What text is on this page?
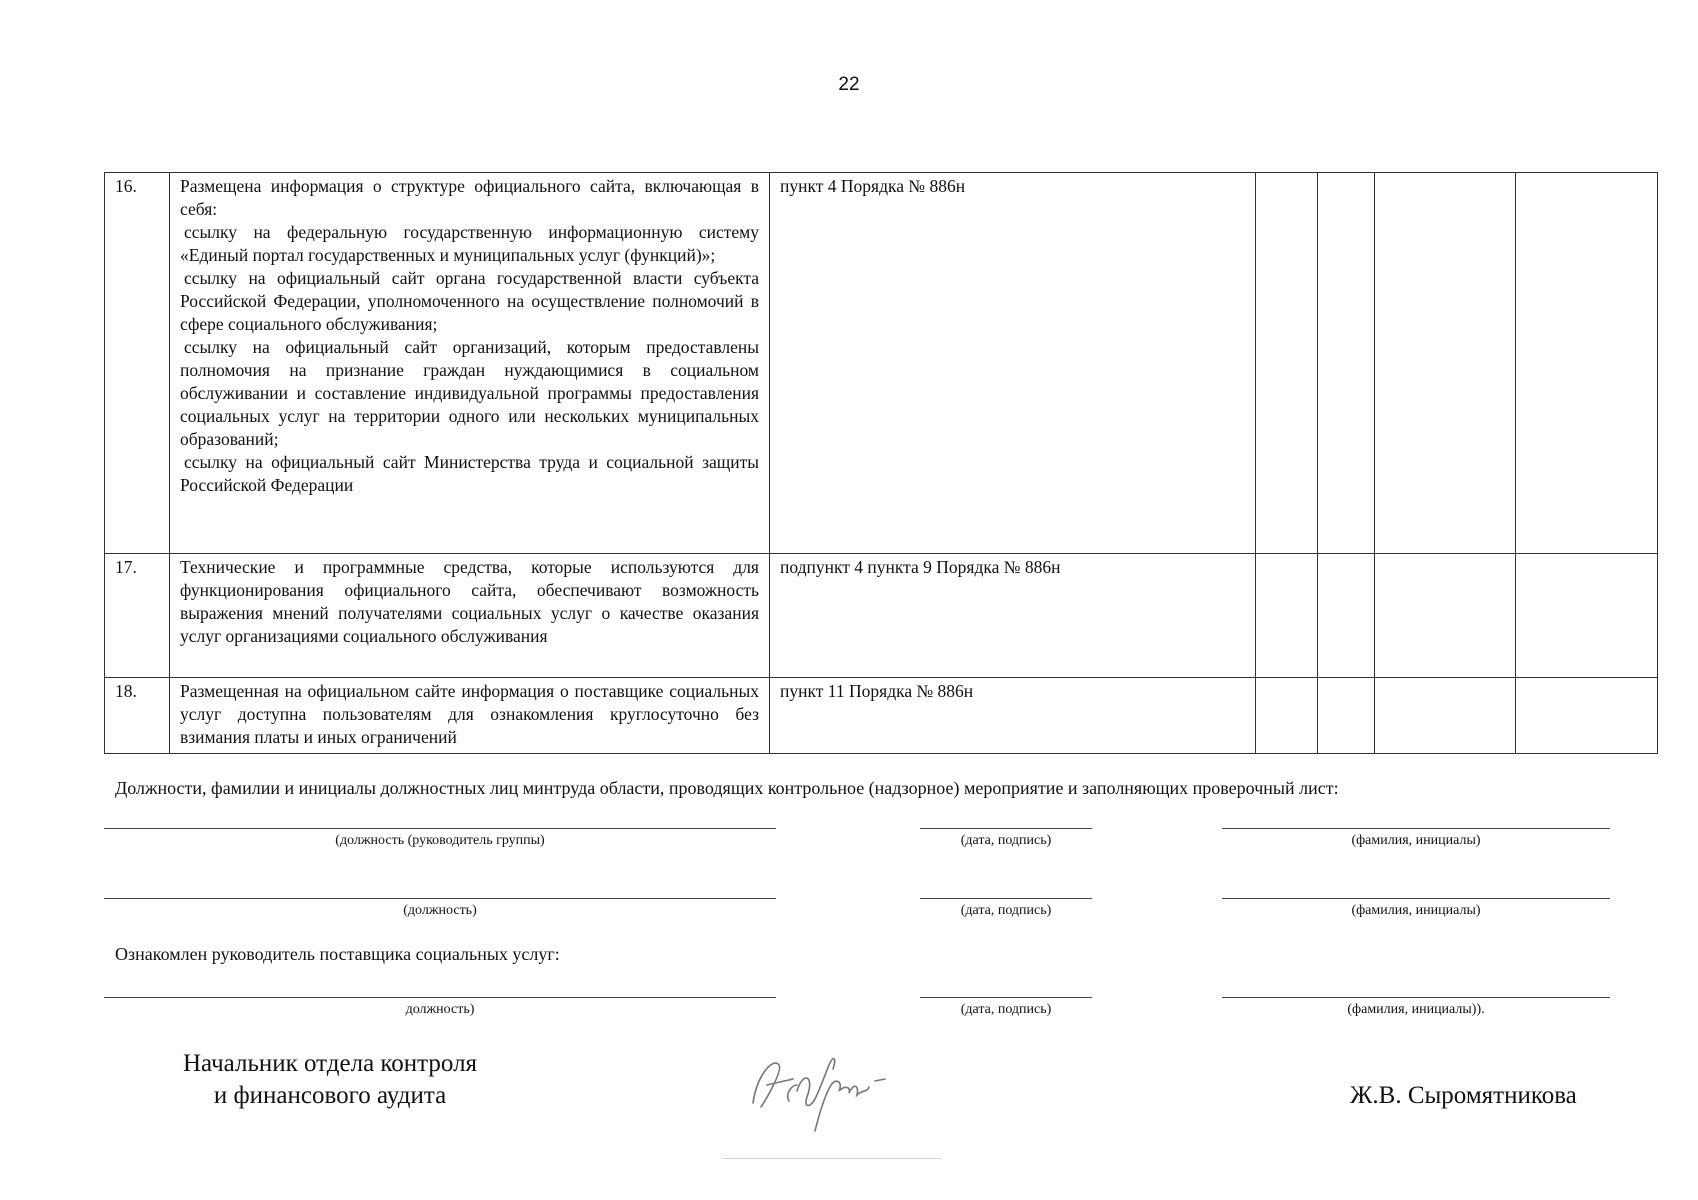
22
16.	Размещена информация о структуре официального сайта, включающая в себя:
ссылку на федеральную государственную информационную систему «Единый портал государственных и муниципальных услуг (функций)»;
ссылку на официальный сайт органа государственной власти субъекта Российской Федерации, уполномоченного на осуществление полномочий в сфере социального обслуживания;
ссылку на официальный сайт организаций, которым предоставлены полномочия на признание граждан нуждающимися в социальном обслуживании и составление индивидуальной программы предоставления социальных услуг на территории одного или нескольких муниципальных образований;
ссылку на официальный сайт Министерства труда и социальной защиты Российской Федерации	пункт 4 Порядка № 886н				
17.	Технические и программные средства, которые используются для функционирования официального сайта, обеспечивают возможность выражения мнений получателями социальных услуг о качестве оказания услуг организациями социального обслуживания	подпункт 4 пункта 9 Порядка № 886н				
18.	Размещенная на официальном сайте информация о поставщике социальных услуг доступна пользователям для ознакомления круглосуточно без взимания платы и иных ограничений	пункт 11 Порядка № 886н				
Должности, фамилии и инициалы должностных лиц минтруда области, проводящих контрольное (надзорное) мероприятие и заполняющих проверочный лист:
(должность (руководитель группы)	(дата, подпись)	(фамилия, инициалы)
(должность)	(дата, подпись)	(фамилия, инициалы)
Ознакомлен руководитель поставщика социальных услуг:
должность)	(дата, подпись)	(фамилия, инициалы)).
Начальник отдела контроля
и финансового аудита	Ж.В. Сыромятникова
